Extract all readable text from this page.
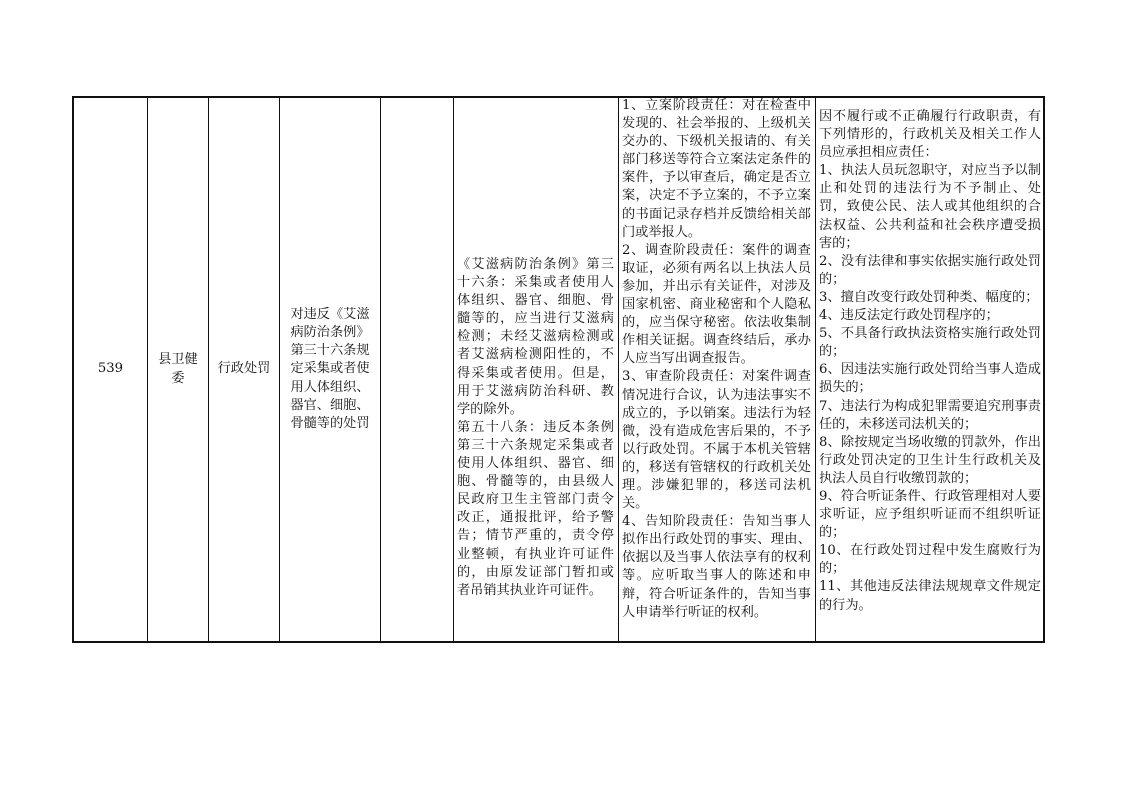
539
县卫健
委
行政处罚
对违反《艾滋
病防治条例》
第三十六条规
定采集或者使
用人体组织、
器官、细胞、
骨髓等的处罚
《艾滋病防治条例》第三十六条：采集或者使用人体组织、器官、细胞、骨髓等的，应当进行艾滋病检测；未经艾滋病检测或者艾滋病检测阳性的，不得采集或者使用。但是，用于艾滋病防治科研、教学的除外。
第五十八条：违反本条例第三十六条规定采集或者使用人体组织、器官、细胞、骨髓等的，由县级人民政府卫生主管部门责令改正，通报批评，给予警告；情节严重的，责令停业整顿，有执业许可证件的，由原发证部门暂扣或者吊销其执业许可证件。
1、立案阶段责任：对在检查中发现的、社会举报的、上级机关交办的、下级机关报请的、有关部门移送等符合立案法定条件的案件，予以审查后，确定是否立案，决定不予立案的，不予立案的书面记录存档并反馈给相关部门或举报人。
2、调查阶段责任：案件的调查取证，必须有两名以上执法人员参加，并出示有关证件，对涉及国家机密、商业秘密和个人隐私的，应当保守秘密。依法收集制作相关证据。调查终结后，承办人应当写出调查报告。
3、审查阶段责任：对案件调查情况进行合议，认为违法事实不成立的，予以销案。违法行为轻微，没有造成危害后果的，不予以行政处罚。不属于本机关管辖的，移送有管辖权的行政机关处理。涉嫌犯罪的，移送司法机关。
4、告知阶段责任：告知当事人拟作出行政处罚的事实、理由、依据以及当事人依法享有的权利等。应听取当事人的陈述和申辩，符合听证条件的，告知当事人申请举行听证的权利。
因不履行或不正确履行行政职责，有下列情形的，行政机关及相关工作人员应承担相应责任：
1、执法人员玩忽职守，对应当予以制止和处罚的违法行为不予制止、处罚，致使公民、法人或其他组织的合法权益、公共利益和社会秩序遭受损害的；
2、没有法律和事实依据实施行政处罚的；
3、擅自改变行政处罚种类、幅度的；
4、违反法定行政处罚程序的；
5、不具备行政执法资格实施行政处罚的；
6、因违法实施行政处罚给当事人造成损失的；
7、违法行为构成犯罪需要追究刑事责任的，未移送司法机关的；
8、除按规定当场收缴的罚款外，作出行政处罚决定的卫生计生行政机关及执法人员自行收缴罚款的；
9、符合听证条件、行政管理相对人要求听证，应予组织听证而不组织听证的；
10、在行政处罚过程中发生腐败行为的；
11、其他违反法律法规规章文件规定的行为。
